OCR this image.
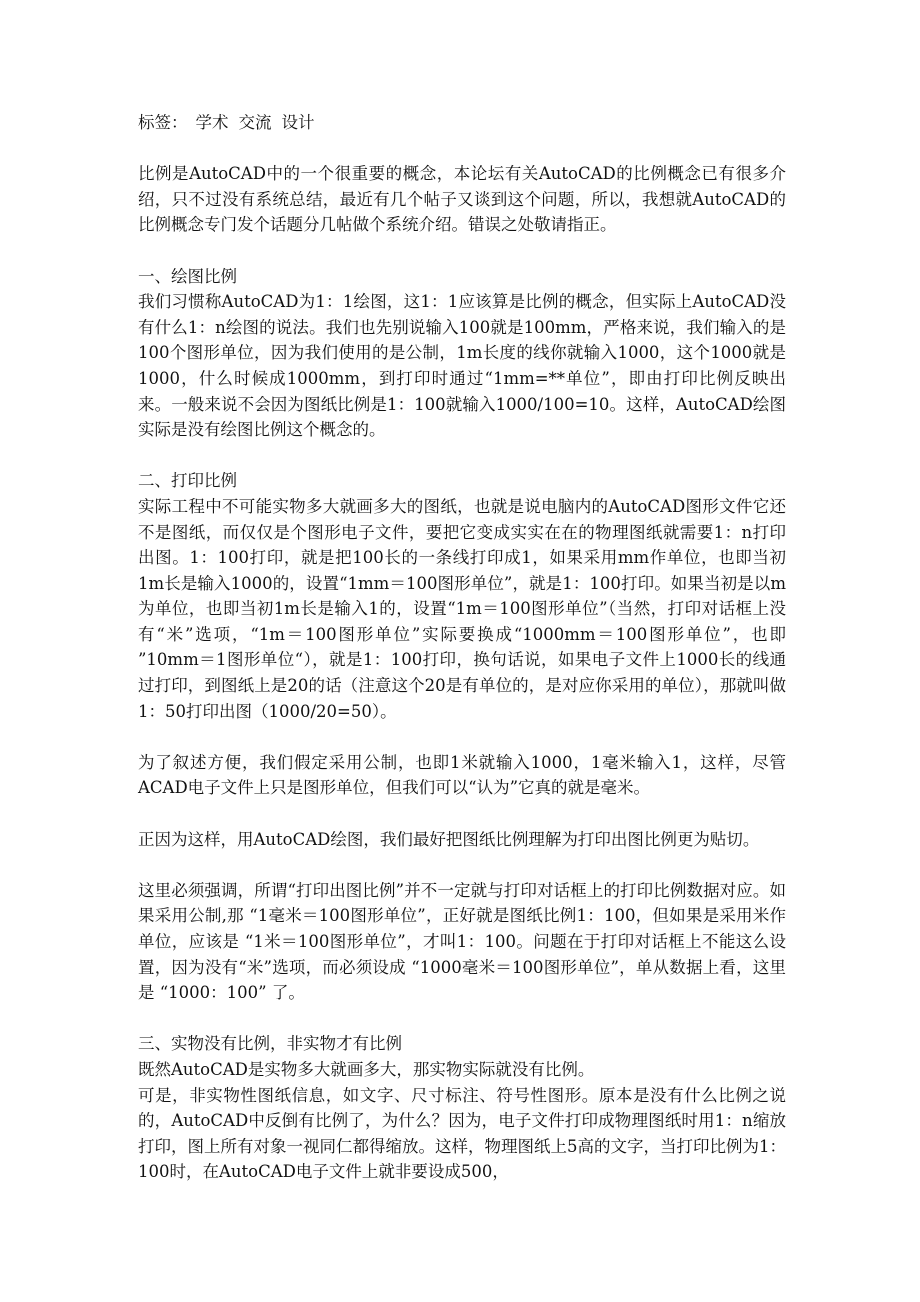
标签： 学术 交流 设计

比例是AutoCAD中的一个很重要的概念，本论坛有关AutoCAD的比例概念已有很多介绍，只不过没有系统总结，最近有几个帖子又谈到这个问题，所以，我想就AutoCAD的比例概念专门发个话题分几帖做个系统介绍。错误之处敬请指正。

一、绘图比例

我们习惯称AutoCAD为1：1绘图，这1：1应该算是比例的概念，但实际上AutoCAD没有什么1：n绘图的说法。我们也先别说输入100就是100mm，严格来说，我们输入的是100个图形单位，因为我们使用的是公制，1m长度的线你就输入1000，这个1000就是1000，什么时候成1000mm，到打印时通过“1mm=**单位”，即由打印比例反映出来。一般来说不会因为图纸比例是1：100就输入1000/100=10。这样，AutoCAD绘图实际是没有绘图比例这个概念的。

二、打印比例

实际工程中不可能实物多大就画多大的图纸，也就是说电脑内的AutoCAD图形文件它还不是图纸，而仅仅是个图形电子文件，要把它变成实实在在的物理图纸就需要1：n打印出图。1：100打印，就是把100长的一条线打印成1，如果采用mm作单位，也即当初1m长是输入1000的，设置“1mm＝100图形单位”，就是1：100打印。如果当初是以m为单位，也即当初1m长是输入1的，设置“1m＝100图形单位”（当然，打印对话框上没有“米”选项，“1m＝100图形单位”实际要换成“1000mm＝100图形单位”，也即 ”10mm＝1图形单位“），就是1：100打印，换句话说，如果电子文件上1000长的线通过打印，到图纸上是20的话（注意这个20是有单位的，是对应你采用的单位），那就叫做1：50打印出图（1000/20=50）。

为了叙述方便，我们假定采用公制，也即1米就输入1000，1毫米输入1，这样，尽管ACAD电子文件上只是图形单位，但我们可以“认为”它真的就是毫米。

正因为这样，用AutoCAD绘图，我们最好把图纸比例理解为打印出图比例更为贴切。

这里必须强调，所谓“打印出图比例”并不一定就与打印对话框上的打印比例数据对应。如果采用公制,那 “1毫米＝100图形单位”，正好就是图纸比例1：100，但如果是采用米作单位，应该是 “1米＝100图形单位”，才叫1：100。问题在于打印对话框上不能这么设置，因为没有“米”选项，而必须设成 “1000毫米＝100图形单位”，单从数据上看，这里是 “1000：100” 了。

三、实物没有比例，非实物才有比例

既然AutoCAD是实物多大就画多大，那实物实际就没有比例。

可是，非实物性图纸信息，如文字、尺寸标注、符号性图形。原本是没有什么比例之说的，AutoCAD中反倒有比例了，为什么？因为，电子文件打印成物理图纸时用1：n缩放打印，图上所有对象一视同仁都得缩放。这样，物理图纸上5高的文字，当打印比例为1：100时，在AutoCAD电子文件上就非要设成500，
